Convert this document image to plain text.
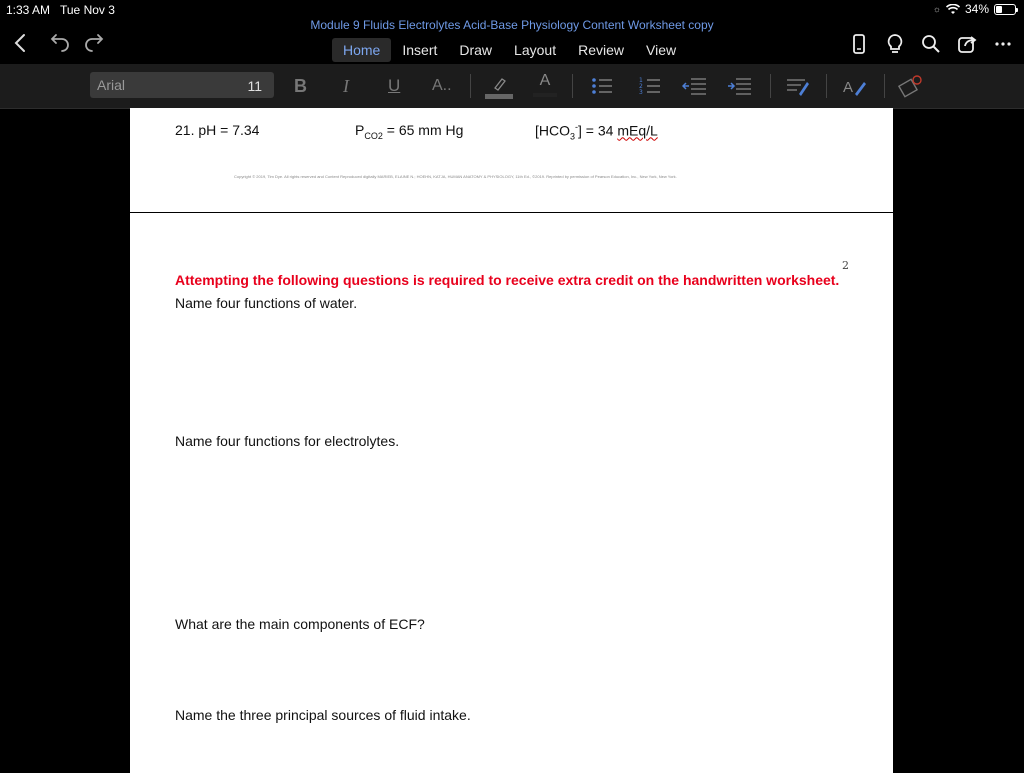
1:33 AM Tue Nov 3	☼ 34%
Module 9 Fluids Electrolytes Acid-Base Physiology Content Worksheet copy
Home	Insert	Draw	Layout	Review	View
Arial	11 B	I	U	A..	A	1
2
3	A
21. pH = 7.34	$P_{CO2} = 65$ mm Hg	$[HCO_3^-] = 34$ mEq/L
Copyright © 2019, Tim Dye. All rights reserved and Content Reproduced digitally MARIEB, ELAINE N.; HOEHN, KATJA, HUMAN ANATOMY & PHYSIOLOGY, 11th Ed., ©2019. Reprinted by permission of Pearson Education, Inc., New York, New York.
2
Attempting the following questions is required to receive extra credit on the handwritten worksheet.
Name four functions of water.
Name four functions for electrolytes.
What are the main components of ECF?
Name the three principal sources of fluid intake.
